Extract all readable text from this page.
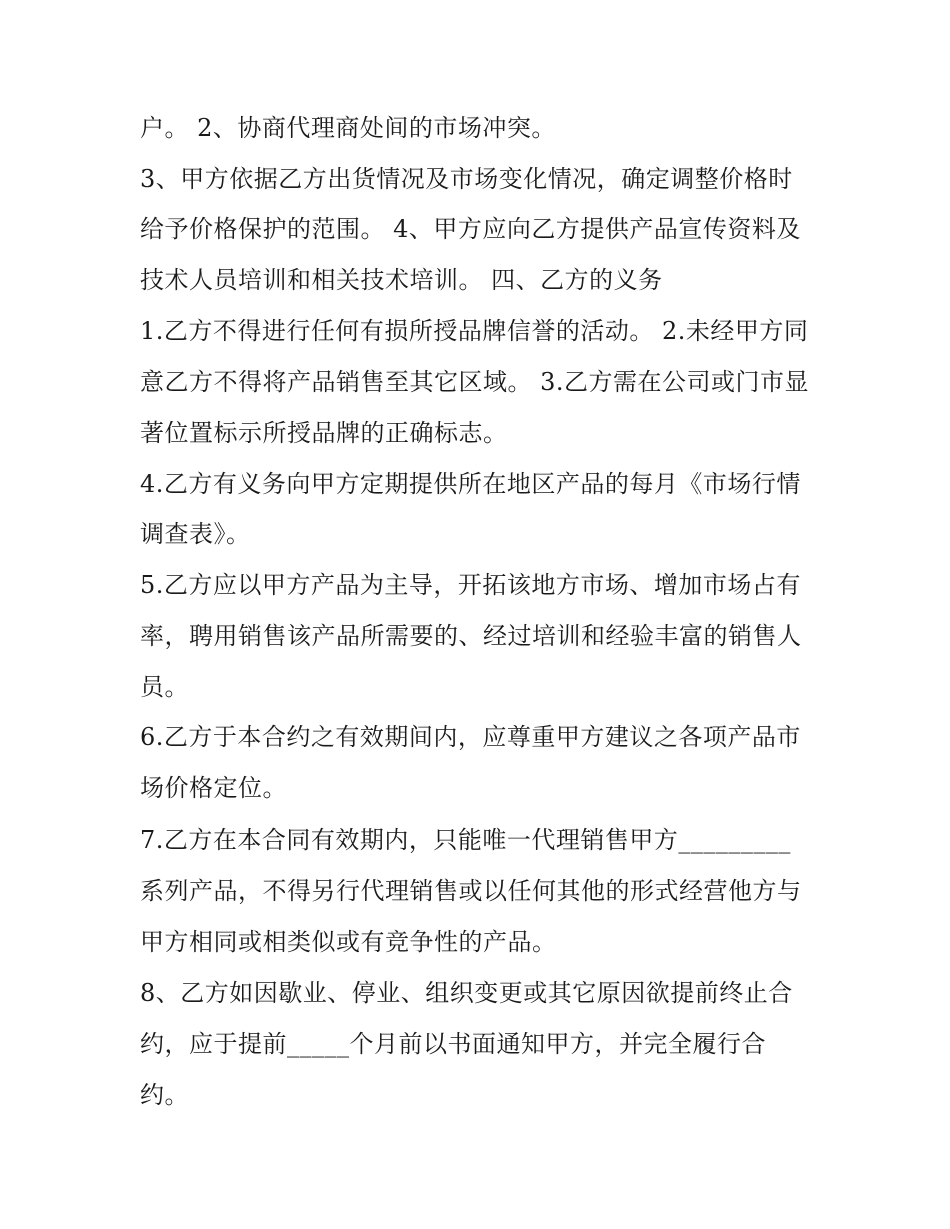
户。 2、协商代理商处间的市场冲突。

3、甲方依据乙方出货情况及市场变化情况，确定调整价格时

给予价格保护的范围。 4、甲方应向乙方提供产品宣传资料及

技术人员培训和相关技术培训。 四、乙方的义务

1.乙方不得进行任何有损所授品牌信誉的活动。 2.未经甲方同

意乙方不得将产品销售至其它区域。 3.乙方需在公司或门市显

著位置标示所授品牌的正确标志。

4.乙方有义务向甲方定期提供所在地区产品的每月《市场行情

调查表》。

5.乙方应以甲方产品为主导，开拓该地方市场、增加市场占有

率，聘用销售该产品所需要的、经过培训和经验丰富的销售人

员。

6.乙方于本合约之有效期间内，应尊重甲方建议之各项产品市

场价格定位。

7.乙方在本合同有效期内，只能唯一代理销售甲方_________

系列产品，不得另行代理销售或以任何其他的形式经营他方与

甲方相同或相类似或有竞争性的产品。

8、乙方如因歇业、停业、组织变更或其它原因欲提前终止合

约，应于提前_____个月前以书面通知甲方，并完全履行合

约。
